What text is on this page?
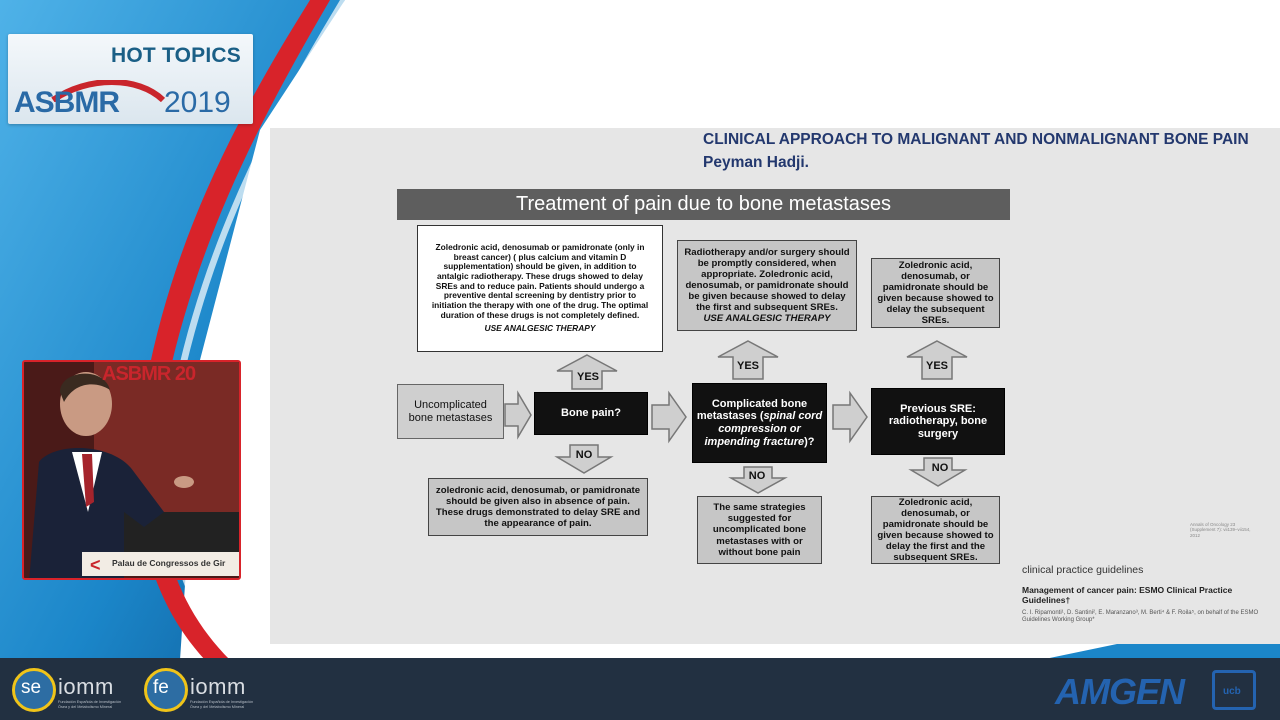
HOT TOPICS
ASBMR 2019
CLINICAL APPROACH TO MALIGNANT AND NONMALIGNANT BONE PAIN
Peyman Hadji.
Treatment of pain due to bone metastases
Zoledronic acid, denosumab or pamidronate (only in breast cancer) ( plus calcium and vitamin D supplementation) should be given, in addition to antalgic radiotherapy. These drugs showed to delay SREs and to reduce pain. Patients should undergo a preventive dental screening by dentistry prior to initiation the therapy with one of the drug. The optimal duration of these drugs is not completely defined.
USE ANALGESIC THERAPY
Radiotherapy and/or surgery should be promptly considered, when appropriate. Zoledronic acid, denosumab, or pamidronate should be given because showed to delay the first and subsequent SREs.
USE ANALGESIC THERAPY
Zoledronic acid, denosumab, or pamidronate should be given because showed to delay the subsequent SREs.
Uncomplicated bone metastases	Bone pain?
Complicated bone metastases (spinal cord compression or impending fracture)?
Previous SRE: radiotherapy, bone surgery
zoledronic acid, denosumab, or pamidronate should be given also in absence of pain. These drugs demonstrated to delay SRE and the appearance of pain.
The same strategies suggested for uncomplicated bone metastases with or without bone pain
Zoledronic acid, denosumab, or pamidronate should be given because showed to delay the first and the subsequent SREs.
YES
YES	YES
NO
NO
NO
Annals of Oncology 23 (Supplement 7): vii139–vii154, 2012
clinical practice guidelines
Management of cancer pain: ESMO Clinical Practice Guidelines†
C. I. Ripamonti¹, D. Santini², E. Maranzano³, M. Berti⁴ & F. Roila⁵, on behalf of the ESMO Guidelines Working Group*
ASBMR 20
< Palau de Congressos de Gir
se iomm
Fundación Española de Investigación Ósea y del Metabolismo Mineral
fe iomm
Fundación Española de Investigación Ósea y del Metabolismo Mineral	AMGEN	ucb
